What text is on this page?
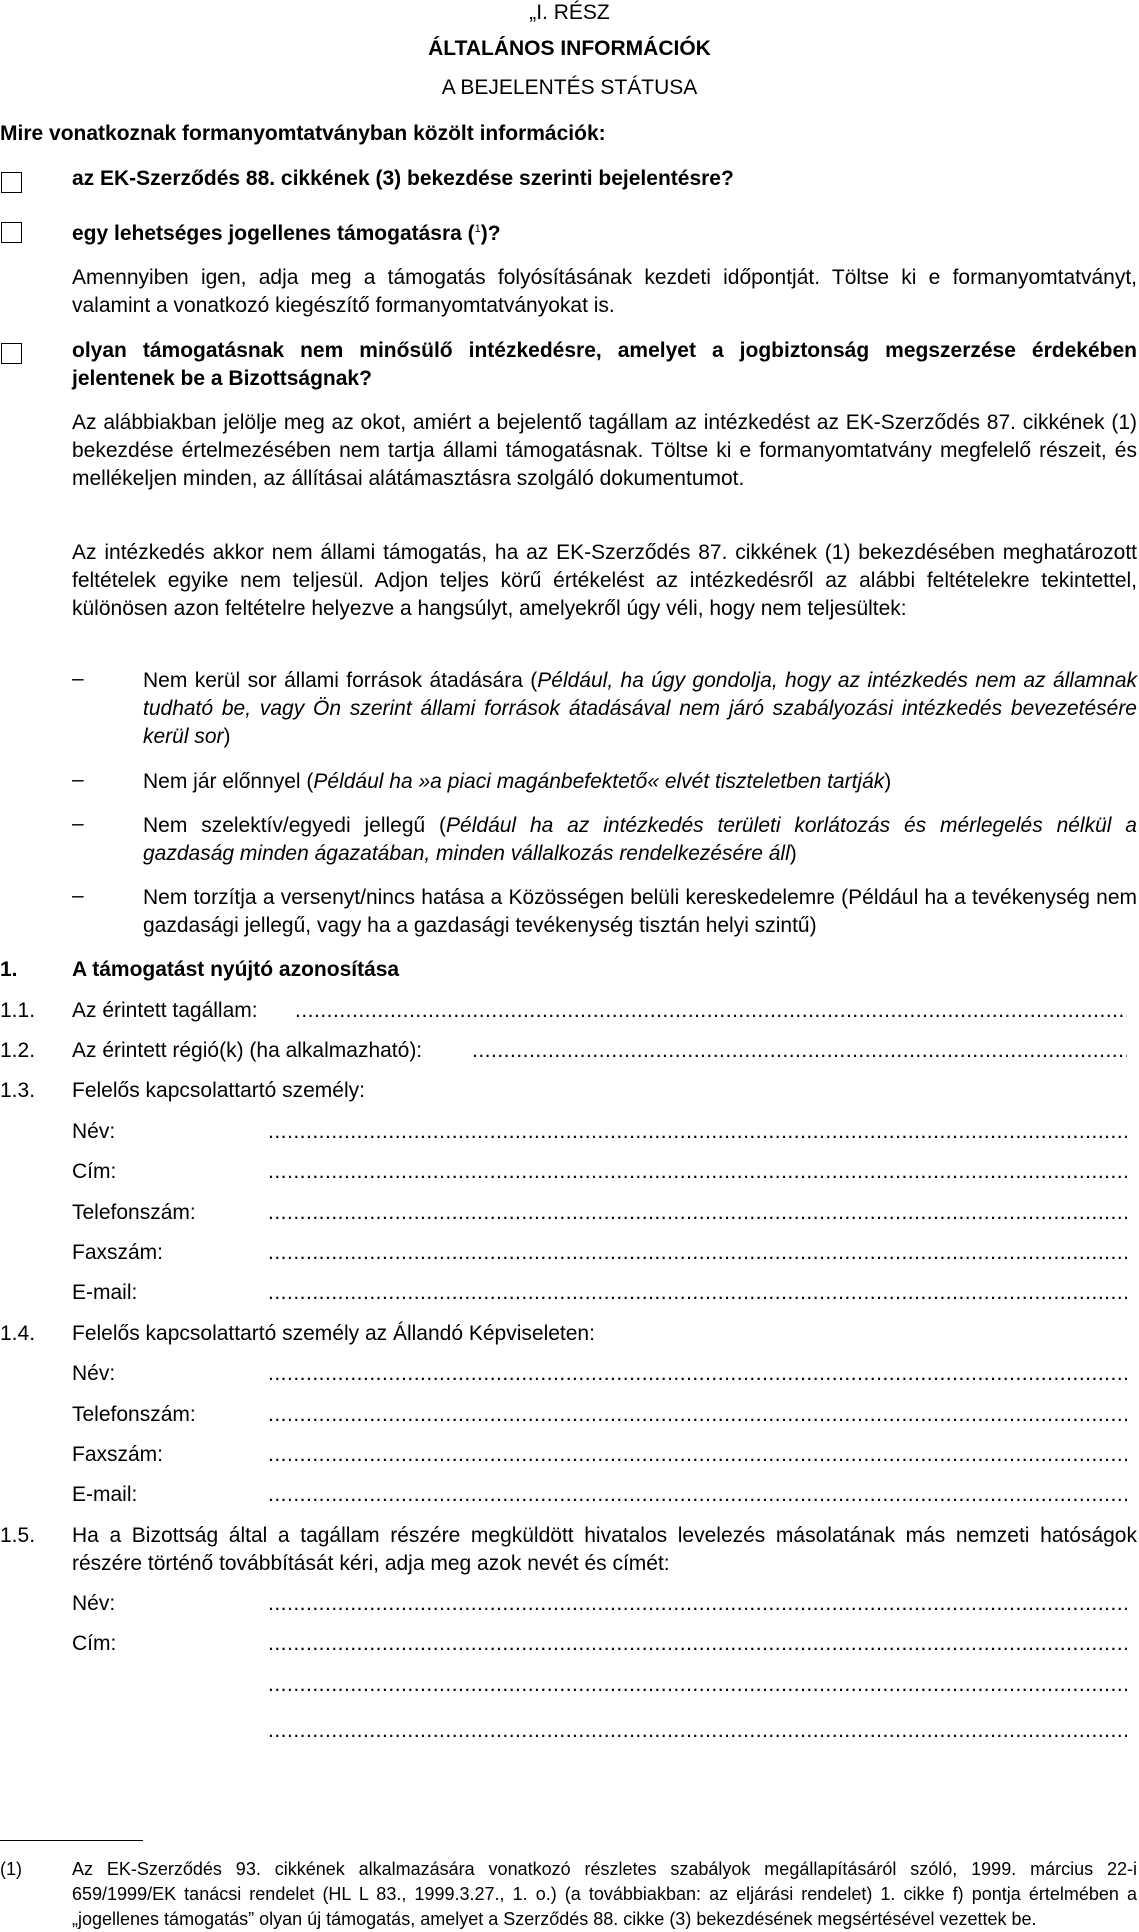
„I. RÉSZ
ÁLTALÁNOS INFORMÁCIÓK
A BEJELENTÉS STÁTUSA
Mire vonatkoznak formanyomtatványban közölt információk:
az EK-Szerződés 88. cikkének (3) bekezdése szerinti bejelentésre?
egy lehetséges jogellenes támogatásra ($^1$)?
Amennyiben igen, adja meg a támogatás folyósításának kezdeti időpontját. Töltse ki e formanyomtatványt, valamint a vonatkozó kiegészítő formanyomtatványokat is.
olyan támogatásnak nem minősülő intézkedésre, amelyet a jogbiztonság megszerzése érdekében jelentenek be a Bizottságnak?
Az alábbiakban jelölje meg az okot, amiért a bejelentő tagállam az intézkedést az EK-Szerződés 87. cikkének (1) bekezdése értelmezésében nem tartja állami támogatásnak. Töltse ki e formanyomtatvány megfelelő részeit, és mellékeljen minden, az állításai alátámasztásra szolgáló dokumentumot.
Az intézkedés akkor nem állami támogatás, ha az EK-Szerződés 87. cikkének (1) bekezdésében meghatározott feltételek egyike nem teljesül. Adjon teljes körű értékelést az intézkedésről az alábbi feltételekre tekintettel, különösen azon feltételre helyezve a hangsúlyt, amelyekről úgy véli, hogy nem teljesültek:
–	Nem kerül sor állami források átadására (Például, ha úgy gondolja, hogy az intézkedés nem az államnak tudható be, vagy Ön szerint állami források átadásával nem járó szabályozási intézkedés bevezetésére kerül sor)
–	Nem jár előnnyel (Például ha »a piaci magánbefektető« elvét tiszteletben tartják)
–	Nem szelektív/egyedi jellegű (Például ha az intézkedés területi korlátozás és mérlegelés nélkül a gazdaság minden ágazatában, minden vállalkozás rendelkezésére áll)
–	Nem torzítja a versenyt/nincs hatása a Közösségen belüli kereskedelemre (Például ha a tevékenység nem gazdasági jellegű, vagy ha a gazdasági tevékenység tisztán helyi szintű)
1.	A támogatást nyújtó azonosítása
1.1. Az érintett tagállam:
.....
1.2. Az érintett régió(k) (ha alkalmazható):
.....
1.3. Felelős kapcsolattartó személy:
Név:
.....
Cím:
.....
Telefonszám:
.....
Faxszám:
.....
E-mail:
.....
1.4. Felelős kapcsolattartó személy az Állandó Képviseleten:
Név:
.....
Telefonszám:
.....
Faxszám:
.....
E-mail:
.....
1.5. Ha a Bizottság által a tagállam részére megküldött hivatalos levelezés másolatának más nemzeti hatóságok részére történő továbbítását kéri, adja meg azok nevét és címét:
Név:
.....
Cím:
.....
.....
.....
(1)	Az EK-Szerződés 93. cikkének alkalmazására vonatkozó részletes szabályok megállapításáról szóló, 1999. március 22-i 659/1999/EK tanácsi rendelet (HL L 83., 1999.3.27., 1. o.) (a továbbiakban: az eljárási rendelet) 1. cikke f) pontja értelmében a „jogellenes támogatás” olyan új támogatás, amelyet a Szerződés 88. cikke (3) bekezdésének megsértésével vezettek be.
